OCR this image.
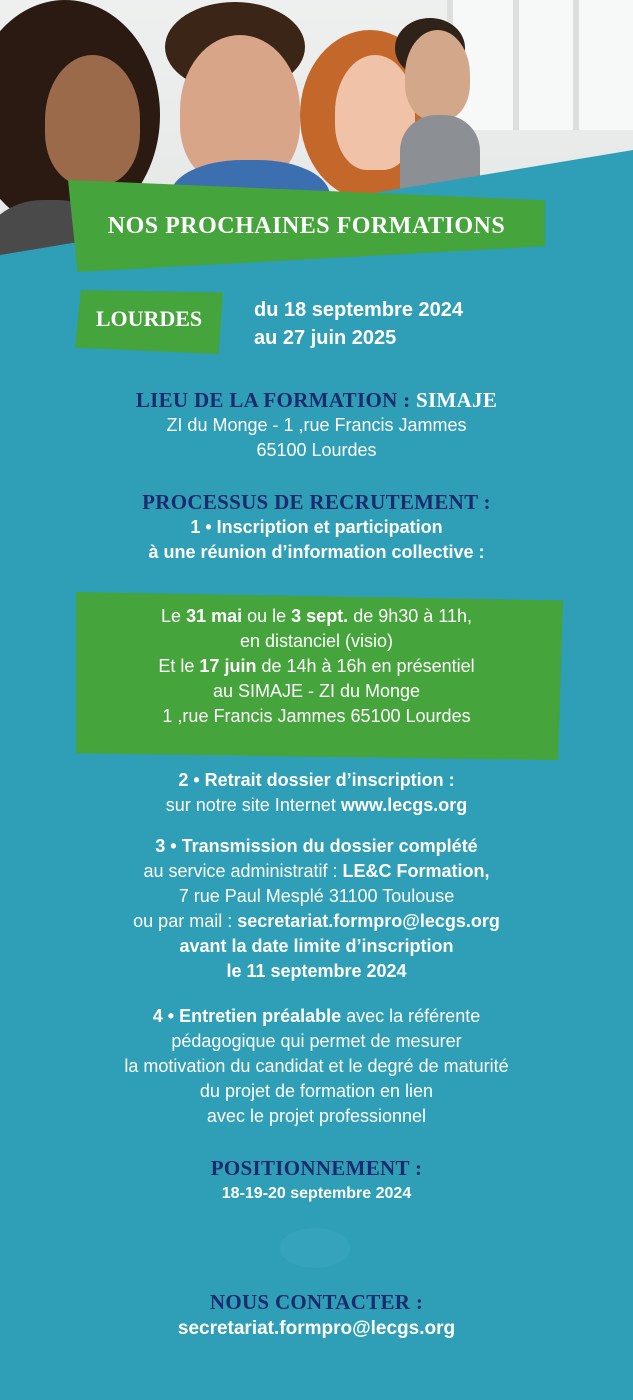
NOS PROCHAINES FORMATIONS
LOURDES	du 18 septembre 2024
au 27 juin 2025
LIEU DE LA FORMATION : SIMAJE
ZI du Monge - 1 ,rue Francis Jammes
65100 Lourdes
PROCESSUS DE RECRUTEMENT :
1 • Inscription et participation
à une réunion d’information collective :
Le 31 mai ou le 3 sept. de 9h30 à 11h,
en distanciel (visio)
Et le 17 juin de 14h à 16h en présentiel
au SIMAJE - ZI du Monge
1 ,rue Francis Jammes 65100 Lourdes
2 • Retrait dossier d’inscription :
sur notre site Internet www.lecgs.org
3 • Transmission du dossier complété
au service administratif : LE&C Formation,
7 rue Paul Mesplé 31100 Toulouse
ou par mail : secretariat.formpro@lecgs.org
avant la date limite d’inscription
le 11 septembre 2024
4 • Entretien préalable avec la référente
pédagogique qui permet de mesurer
la motivation du candidat et le degré de maturité
du projet de formation en lien
avec le projet professionnel
POSITIONNEMENT :
18-19-20 septembre 2024
NOUS CONTACTER :
secretariat.formpro@lecgs.org
